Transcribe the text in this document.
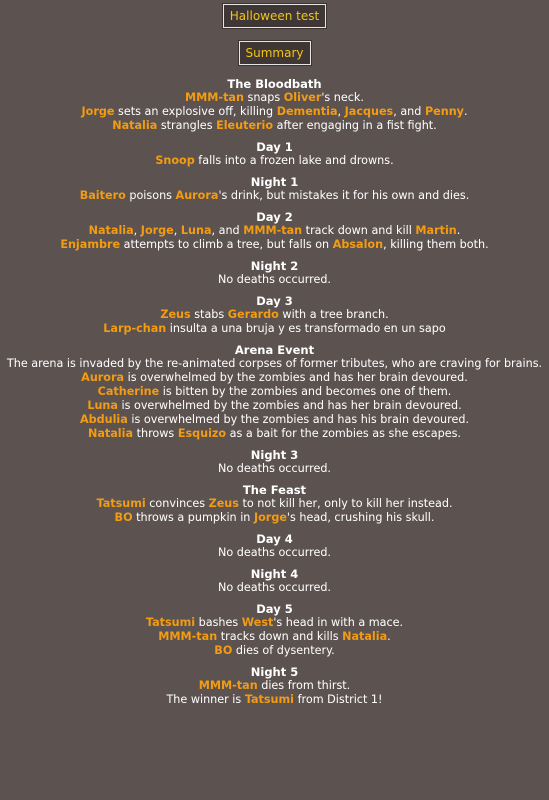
Halloween test
Summary
The Bloodbath
MMM-tan snaps Oliver's neck.
Jorge sets an explosive off, killing Dementia, Jacques, and Penny.
Natalia strangles Eleuterio after engaging in a fist fight.
Day 1
Snoop falls into a frozen lake and drowns.
Night 1
Baitero poisons Aurora's drink, but mistakes it for his own and dies.
Day 2
Natalia, Jorge, Luna, and MMM-tan track down and kill Martin.
Enjambre attempts to climb a tree, but falls on Absalon, killing them both.
Night 2
No deaths occurred.
Day 3
Zeus stabs Gerardo with a tree branch.
Larp-chan insulta a una bruja y es transformado en un sapo
Arena Event
The arena is invaded by the re-animated corpses of former tributes, who are craving for brains.
Aurora is overwhelmed by the zombies and has her brain devoured.
Catherine is bitten by the zombies and becomes one of them.
Luna is overwhelmed by the zombies and has her brain devoured.
Abdulia is overwhelmed by the zombies and has his brain devoured.
Natalia throws Esquizo as a bait for the zombies as she escapes.
Night 3
No deaths occurred.
The Feast
Tatsumi convinces Zeus to not kill her, only to kill her instead.
BO throws a pumpkin in Jorge's head, crushing his skull.
Day 4
No deaths occurred.
Night 4
No deaths occurred.
Day 5
Tatsumi bashes West's head in with a mace.
MMM-tan tracks down and kills Natalia.
BO dies of dysentery.
Night 5
MMM-tan dies from thirst.
The winner is Tatsumi from District 1!
